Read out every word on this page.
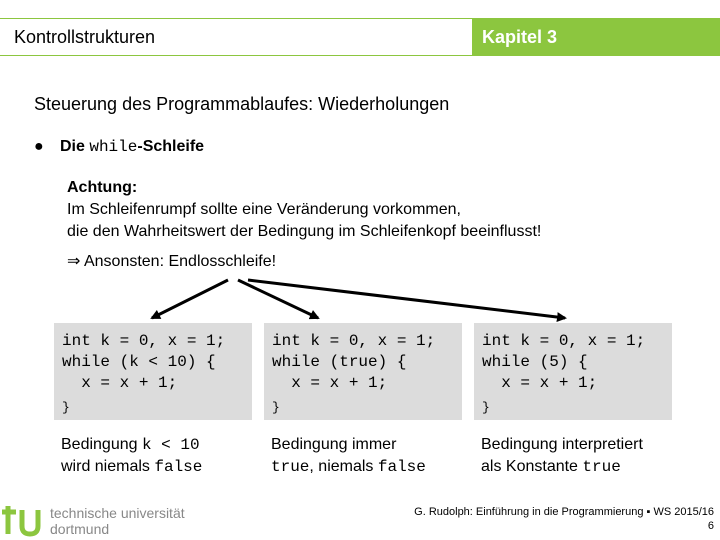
Kontrollstrukturen	Kapitel 3
Steuerung des Programmablaufes: Wiederholungen
● Die while-Schleife
Achtung:
Im Schleifenrumpf sollte eine Veränderung vorkommen,
die den Wahrheitswert der Bedingung im Schleifenkopf beeinflusst!
⇒ Ansonsten: Endlosschleife!
int k = 0, x = 1;
while (k < 10) {
x = x + 1;
}
int k = 0, x = 1;
while (true) {
x = x + 1;
}
int k = 0, x = 1;
while (5) {
x = x + 1;
}
Bedingung k < 10
wird niemals false
Bedingung immer
true, niemals false
Bedingung interpretiert
als Konstante true
technische universität
dortmund
G. Rudolph: Einführung in die Programmierung ▪ WS 2015/16
6
